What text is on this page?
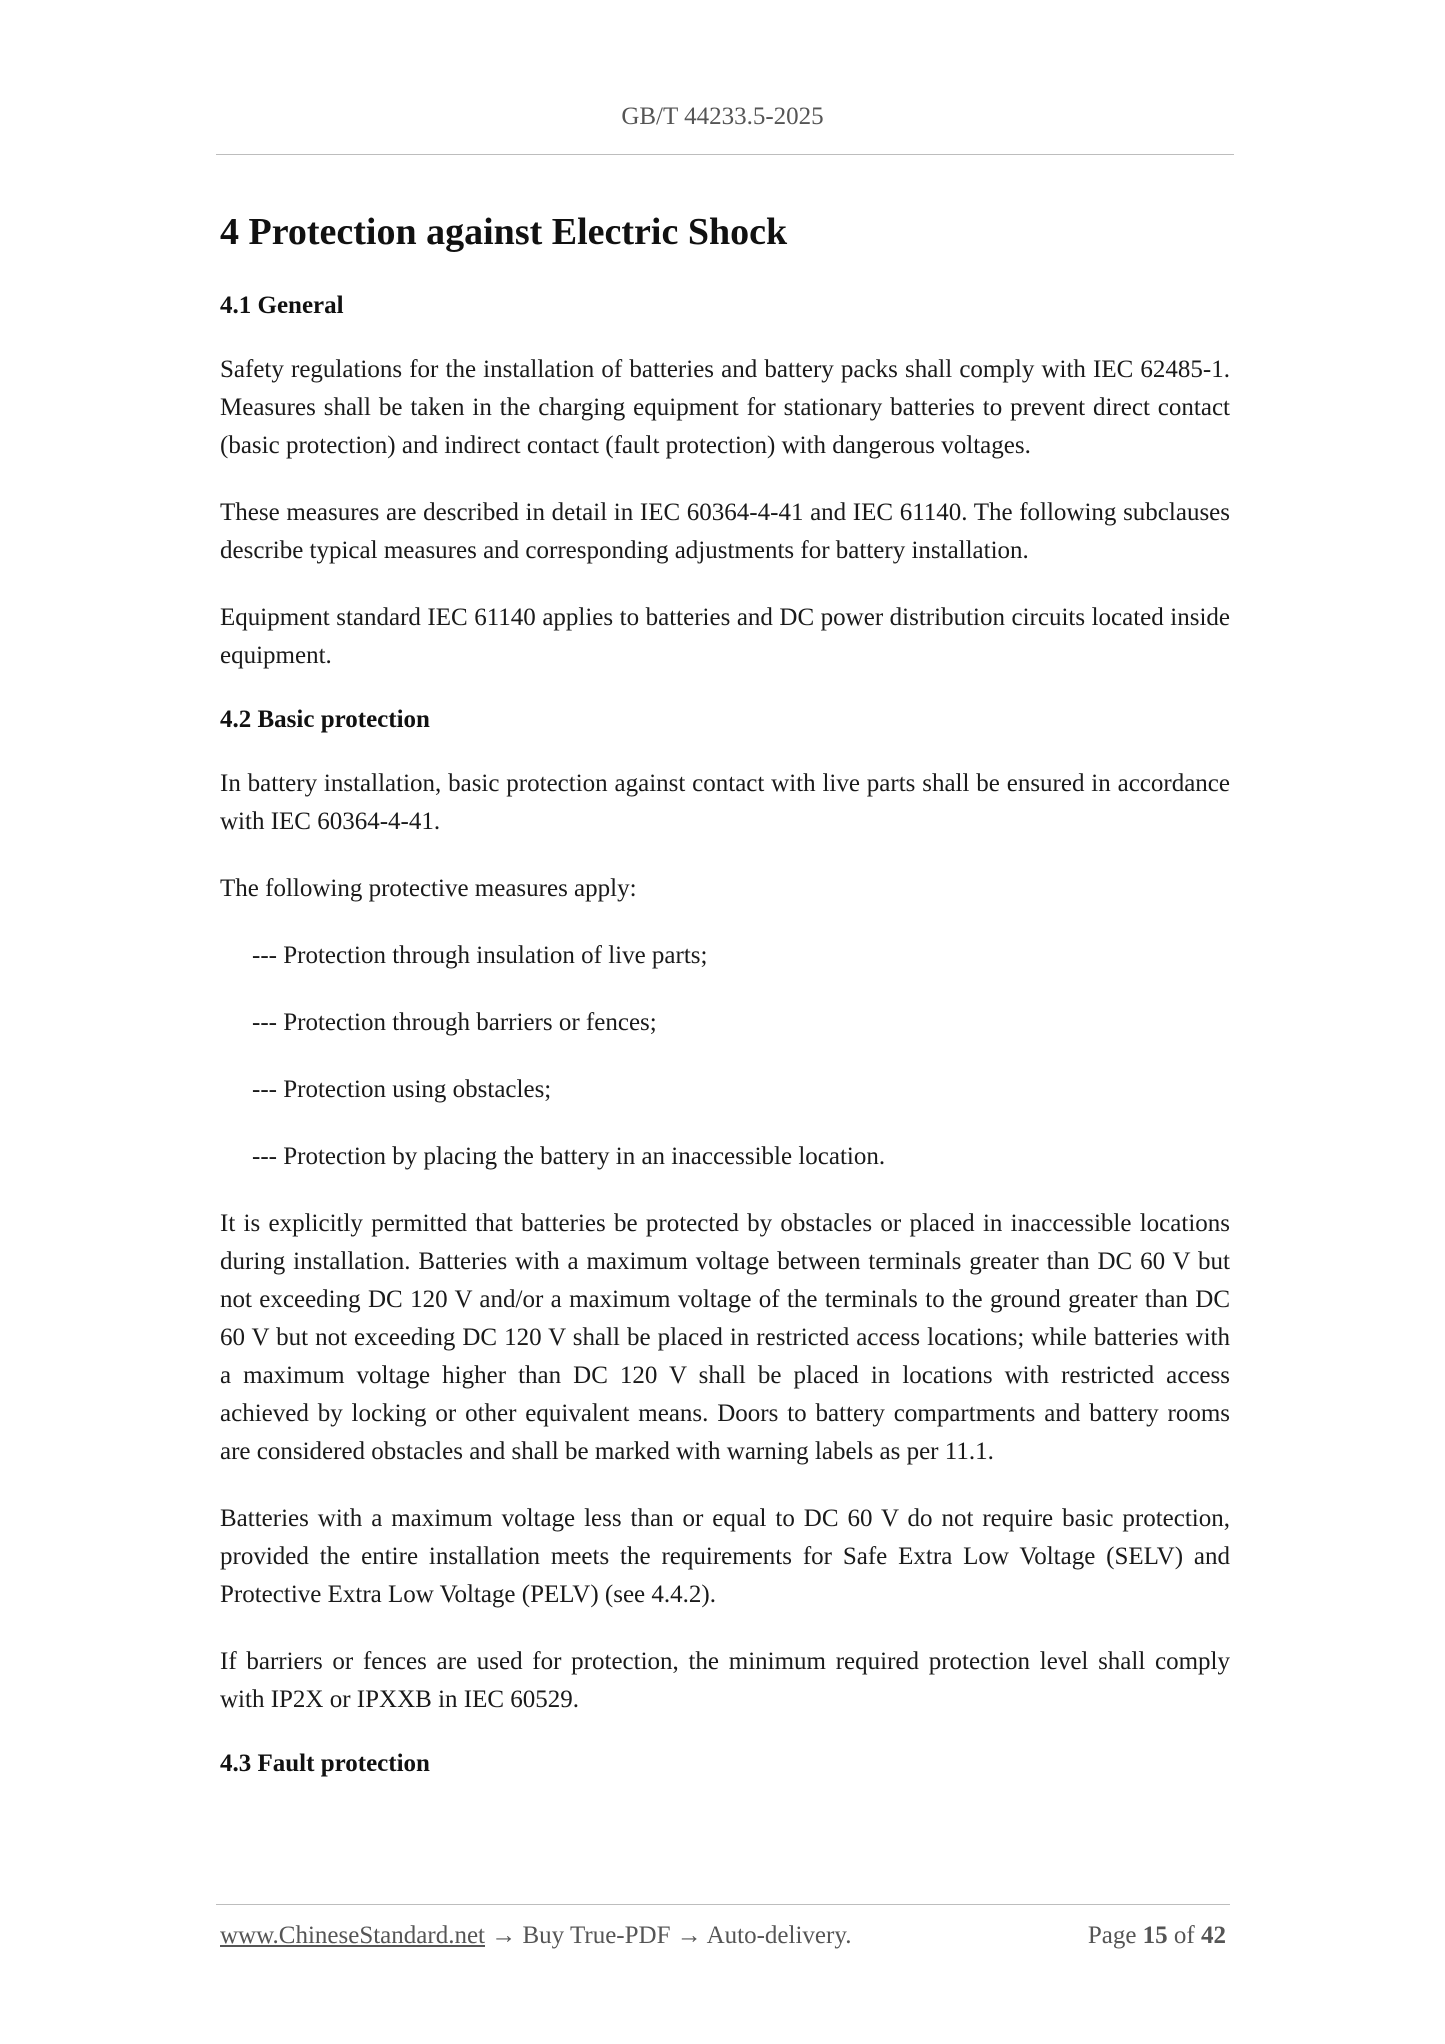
GB/T 44233.5-2025
4 Protection against Electric Shock
4.1 General

Safety regulations for the installation of batteries and battery packs shall comply with IEC 62485-1. Measures shall be taken in the charging equipment for stationary batteries to prevent direct contact (basic protection) and indirect contact (fault protection) with dangerous voltages.

These measures are described in detail in IEC 60364-4-41 and IEC 61140. The following subclauses describe typical measures and corresponding adjustments for battery installation.

Equipment standard IEC 61140 applies to batteries and DC power distribution circuits located inside equipment.

4.2 Basic protection

In battery installation, basic protection against contact with live parts shall be ensured in accordance with IEC 60364-4-41.

The following protective measures apply:

--- Protection through insulation of live parts;

--- Protection through barriers or fences;

--- Protection using obstacles;

--- Protection by placing the battery in an inaccessible location.

It is explicitly permitted that batteries be protected by obstacles or placed in inaccessible locations during installation. Batteries with a maximum voltage between terminals greater than DC 60 V but not exceeding DC 120 V and/or a maximum voltage of the terminals to the ground greater than DC 60 V but not exceeding DC 120 V shall be placed in restricted access locations; while batteries with a maximum voltage higher than DC 120 V shall be placed in locations with restricted access achieved by locking or other equivalent means. Doors to battery compartments and battery rooms are considered obstacles and shall be marked with warning labels as per 11.1.

Batteries with a maximum voltage less than or equal to DC 60 V do not require basic protection, provided the entire installation meets the requirements for Safe Extra Low Voltage (SELV) and Protective Extra Low Voltage (PELV) (see 4.4.2).

If barriers or fences are used for protection, the minimum required protection level shall comply with IP2X or IPXXB in IEC 60529.

4.3 Fault protection
www.ChineseStandard.net → Buy True-PDF → Auto-delivery.	Page 15 of 42
